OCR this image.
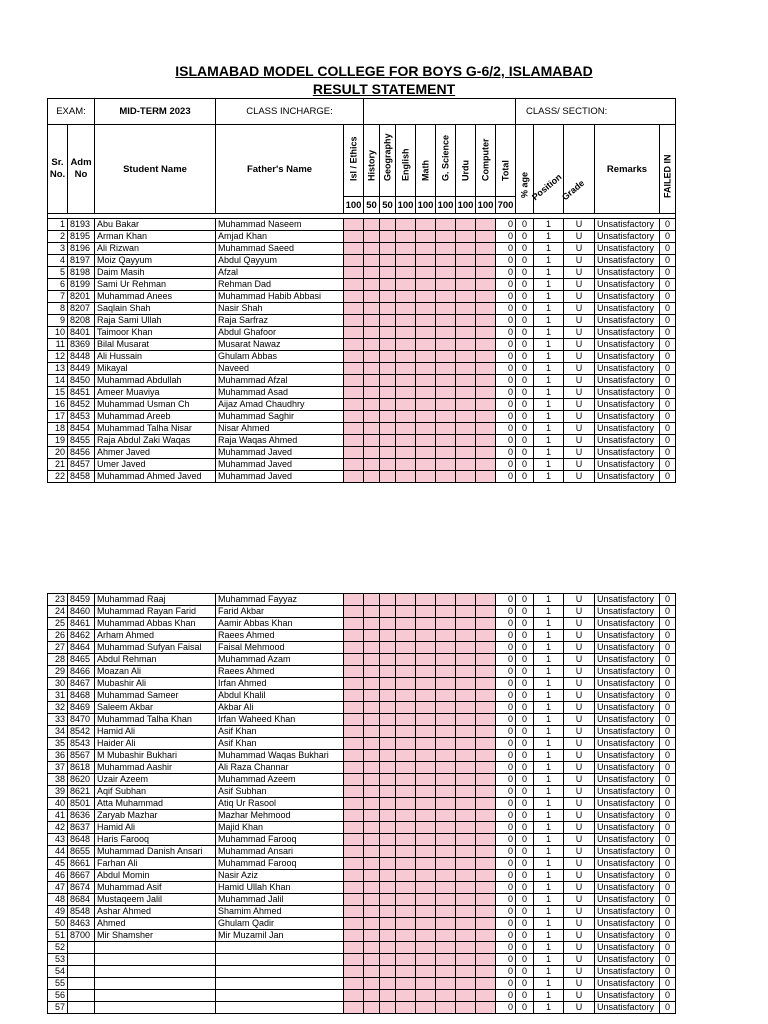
ISLAMABAD MODEL COLLEGE FOR BOYS G-6/2, ISLAMABAD
RESULT STATEMENT
EXAM:		MID-TERM 2023	CLASS INCHARGE:										CLASS/ SECTION:				
Sr. No.	Adm No	Student Name	Father's Name	Isl / Ethics	History	Geography	English	Math	G. Science	Urdu	Computer	Total	% age	Position	Grade	Remarks	FAILED IN

				100	50	50	100	100	100	100	100	700					

1	8193	Abu Bakar	Muhammad Naseem									0	0	1	U	Unsatisfactory	0
2	8195	Arman Khan	Amjad Khan									0	0	1	U	Unsatisfactory	0
3	8196	Ali Rizwan	Muhammad Saeed									0	0	1	U	Unsatisfactory	0
4	8197	Moiz Qayyum	Abdul Qayyum									0	0	1	U	Unsatisfactory	0
5	8198	Daim Masih	Afzal									0	0	1	U	Unsatisfactory	0
6	8199	Sami Ur Rehman	Rehman Dad									0	0	1	U	Unsatisfactory	0
7	8201	Muhammad Anees	Muhammad Habib Abbasi									0	0	1	U	Unsatisfactory	0
8	8207	Saqlain Shah	Nasir Shah									0	0	1	U	Unsatisfactory	0
9	8208	Raja Sami Ullah	Raja Sarfraz									0	0	1	U	Unsatisfactory	0
10	8401	Taimoor Khan	Abdul Ghafoor									0	0	1	U	Unsatisfactory	0
11	8369	Bilal Musarat	Musarat Nawaz									0	0	1	U	Unsatisfactory	0
12	8448	Ali Hussain	Ghulam Abbas									0	0	1	U	Unsatisfactory	0
13	8449	Mikayal	Naveed									0	0	1	U	Unsatisfactory	0
14	8450	Muhammad Abdullah	Muhammad Afzal									0	0	1	U	Unsatisfactory	0
15	8451	Ameer Muaviya	Muhammad Asad									0	0	1	U	Unsatisfactory	0
16	8452	Muhammad Usman Ch	Aijaz Amad Chaudhry									0	0	1	U	Unsatisfactory	0
17	8453	Muhammad Areeb	Muhammad Saghir									0	0	1	U	Unsatisfactory	0
18	8454	Muhammad Talha Nisar	Nisar Ahmed									0	0	1	U	Unsatisfactory	0
19	8455	Raja Abdul Zaki Waqas	Raja Waqas Ahmed									0	0	1	U	Unsatisfactory	0
20	8456	Ahmer Javed	Muhammad Javed									0	0	1	U	Unsatisfactory	0
21	8457	Umer Javed	Muhammad Javed									0	0	1	U	Unsatisfactory	0
22	8458	Muhammad Ahmed Javed	Muhammad Javed									0	0	1	U	Unsatisfactory	0
23	8459	Muhammad Raaj	Muhammad Fayyaz									0	0	1	U	Unsatisfactory	0
24	8460	Muhammad Rayan Farid	Farid Akbar									0	0	1	U	Unsatisfactory	0
25	8461	Muhammad Abbas Khan	Aamir Abbas Khan									0	0	1	U	Unsatisfactory	0
26	8462	Arham Ahmed	Raees Ahmed									0	0	1	U	Unsatisfactory	0
27	8464	Muhammad Sufyan Faisal	Faisal Mehmood									0	0	1	U	Unsatisfactory	0
28	8465	Abdul Rehman	Muhammad Azam									0	0	1	U	Unsatisfactory	0
29	8466	Moazan Ali	Raees Ahmed									0	0	1	U	Unsatisfactory	0
30	8467	Mubashir Ali	Irfan Ahmed									0	0	1	U	Unsatisfactory	0
31	8468	Muhammad Sameer	Abdul Khalil									0	0	1	U	Unsatisfactory	0
32	8469	Saleem Akbar	Akbar Ali									0	0	1	U	Unsatisfactory	0
33	8470	Muhammad Talha Khan	Irfan Waheed Khan									0	0	1	U	Unsatisfactory	0
34	8542	Hamid Ali	Asif Khan									0	0	1	U	Unsatisfactory	0
35	8543	Haider Ali	Asif Khan									0	0	1	U	Unsatisfactory	0
36	8567	M Mubashir Bukhari	Muhammad Waqas Bukhari									0	0	1	U	Unsatisfactory	0
37	8618	Muhammad Aashir	Ali Raza Channar									0	0	1	U	Unsatisfactory	0
38	8620	Uzair Azeem	Muhammad Azeem									0	0	1	U	Unsatisfactory	0
39	8621	Aqif Subhan	Asif Subhan									0	0	1	U	Unsatisfactory	0
40	8501	Atta Muhammad	Atiq Ur Rasool									0	0	1	U	Unsatisfactory	0
41	8636	Zaryab Mazhar	Mazhar Mehmood									0	0	1	U	Unsatisfactory	0
42	8637	Hamid Ali	Majid Khan									0	0	1	U	Unsatisfactory	0
43	8648	Haris Farooq	Muhammad Farooq									0	0	1	U	Unsatisfactory	0
44	8655	Muhammad Danish Ansari	Muhammad Ansari									0	0	1	U	Unsatisfactory	0
45	8661	Farhan Ali	Muhammad Farooq									0	0	1	U	Unsatisfactory	0
46	8667	Abdul Momin	Nasir Aziz									0	0	1	U	Unsatisfactory	0
47	8674	Muhammad Asif	Hamid Ullah Khan									0	0	1	U	Unsatisfactory	0
48	8684	Mustaqeem Jalil	Muhammad Jalil									0	0	1	U	Unsatisfactory	0
49	8548	Ashar Ahmed	Shamim Ahmed									0	0	1	U	Unsatisfactory	0
50	8463	Ahmed	Ghulam Qadir									0	0	1	U	Unsatisfactory	0
51	8700	Mir Shamsher	Mir Muzamil Jan									0	0	1	U	Unsatisfactory	0
52												0	0	1	U	Unsatisfactory	0
53												0	0	1	U	Unsatisfactory	0
54												0	0	1	U	Unsatisfactory	0
55												0	0	1	U	Unsatisfactory	0
56												0	0	1	U	Unsatisfactory	0
57												0	0	1	U	Unsatisfactory	0
